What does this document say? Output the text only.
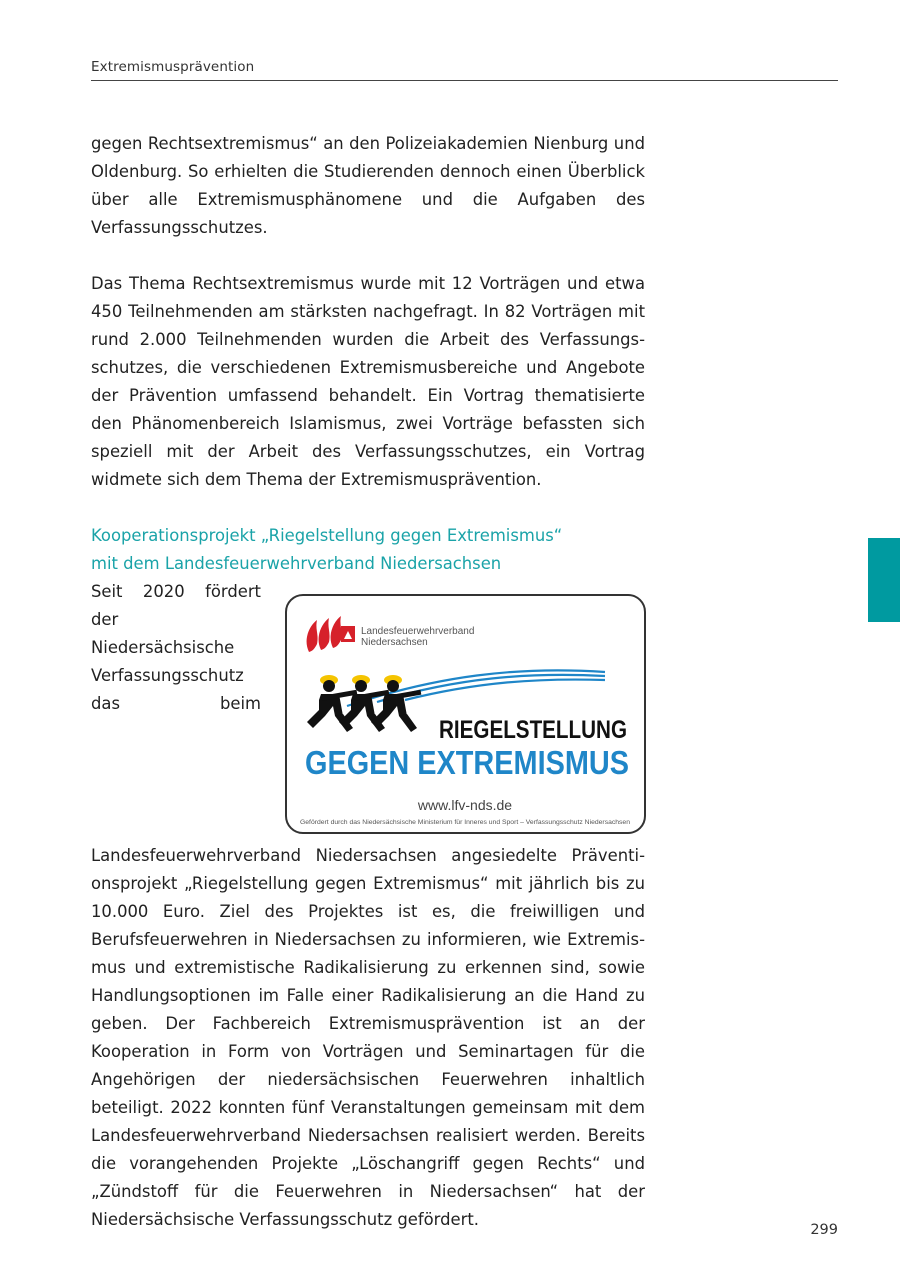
Extremismusprävention

gegen Rechtsextremismus“ an den Polizeiakademien Nienburg und Oldenburg. So erhielten die Studierenden dennoch einen Überblick über alle Extremismusphänomene und die Aufgaben des Verfassungsschutzes.

Das Thema Rechtsextremismus wurde mit 12 Vorträgen und etwa 450 Teilnehmenden am stärksten nachgefragt. In 82 Vorträgen mit rund 2.000 Teilnehmenden wurden die Arbeit des Verfassungsschutzes, die verschiedenen Extremismusbereiche und Angebote der Prävention umfassend behandelt. Ein Vortrag thematisierte den Phänomenbereich Islamismus, zwei Vorträge befassten sich speziell mit der Arbeit des Verfassungsschutzes, ein Vortrag widmete sich dem Thema der Extremismusprävention.

Kooperationsprojekt „Riegelstellung gegen Extremismus“
mit dem Landesfeuerwehrverband Niedersachsen

Landesfeuerwehrverband
Niedersachsen
RIEGELSTELLUNG
GEGEN EXTREMISMUS
www.lfv-nds.de
Gefördert durch das Niedersächsische Ministerium für Inneres und Sport – Verfassungsschutz Niedersachsen
Seit 2020 fördert der Niedersächsische Verfassungsschutz das beim Landesfeuerwehrverband Niedersachsen angesiedelte Präventionsprojekt „Riegelstellung gegen Extremismus“ mit jährlich bis zu 10.000 Euro. Ziel des Projektes ist es, die freiwilligen und Berufsfeuerwehren in Niedersachsen zu informieren, wie Extremismus und extremistische Radikalisierung zu erkennen sind, sowie Handlungsoptionen im Falle einer Radikalisierung an die Hand zu geben. Der Fachbereich Extremismusprävention ist an der Kooperation in Form von Vorträgen und Seminartagen für die Angehörigen der niedersächsischen Feuerwehren inhaltlich beteiligt. 2022 konnten fünf Veranstaltungen gemeinsam mit dem Landesfeuerwehrverband Niedersachsen realisiert werden. Bereits die vorangehenden Projekte „Löschangriff gegen Rechts“ und „Zündstoff für die Feuerwehren in Niedersachsen“ hat der Niedersächsische Verfassungsschutz gefördert.

299
